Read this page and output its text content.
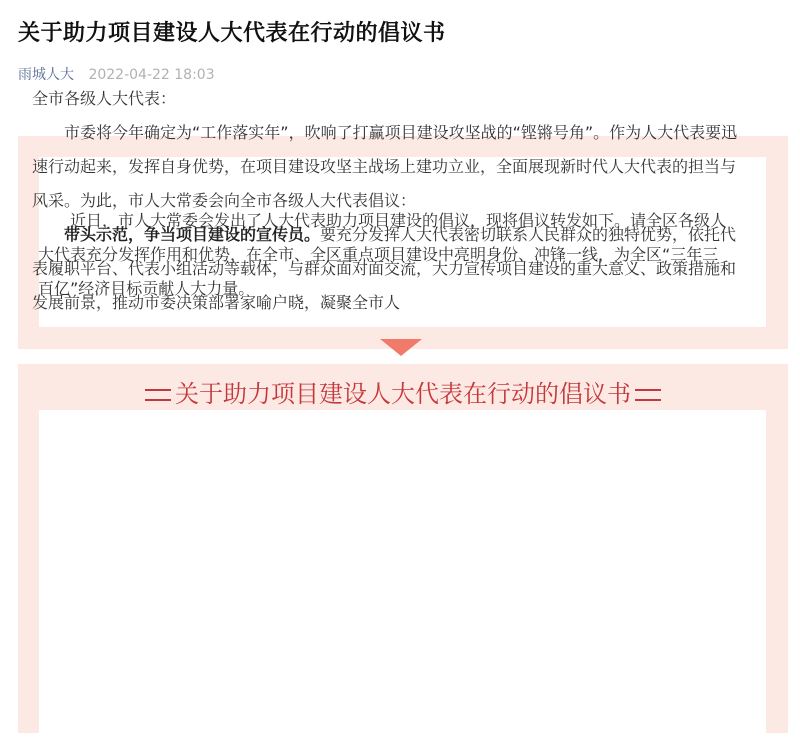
关于助力项目建设人大代表在行动的倡议书
雨城人大 2022-04-22 18:03

近日，市人大常委会发出了人大代表助力项目建设的倡议，现将倡议转发如下。请全区各级人大代表充分发挥作用和优势，在全市、全区重点项目建设中亮明身份、冲锋一线，为全区“三年三百亿”经济目标贡献人大力量。

关于助力项目建设人大代表在行动的倡议书

全市各级人大代表：

市委将今年确定为“工作落实年”，吹响了打赢项目建设攻坚战的“铿锵号角”。作为人大代表要迅速行动起来，发挥自身优势，在项目建设攻坚主战场上建功立业，全面展现新时代人大代表的担当与风采。为此，市人大常委会向全市各级人大代表倡议：

带头示范，争当项目建设的宣传员。要充分发挥人大代表密切联系人民群众的独特优势，依托代表履职平台、代表小组活动等载体，与群众面对面交流，大力宣传项目建设的重大意义、政策措施和发展前景，推动市委决策部署家喻户晓，凝聚全市人
